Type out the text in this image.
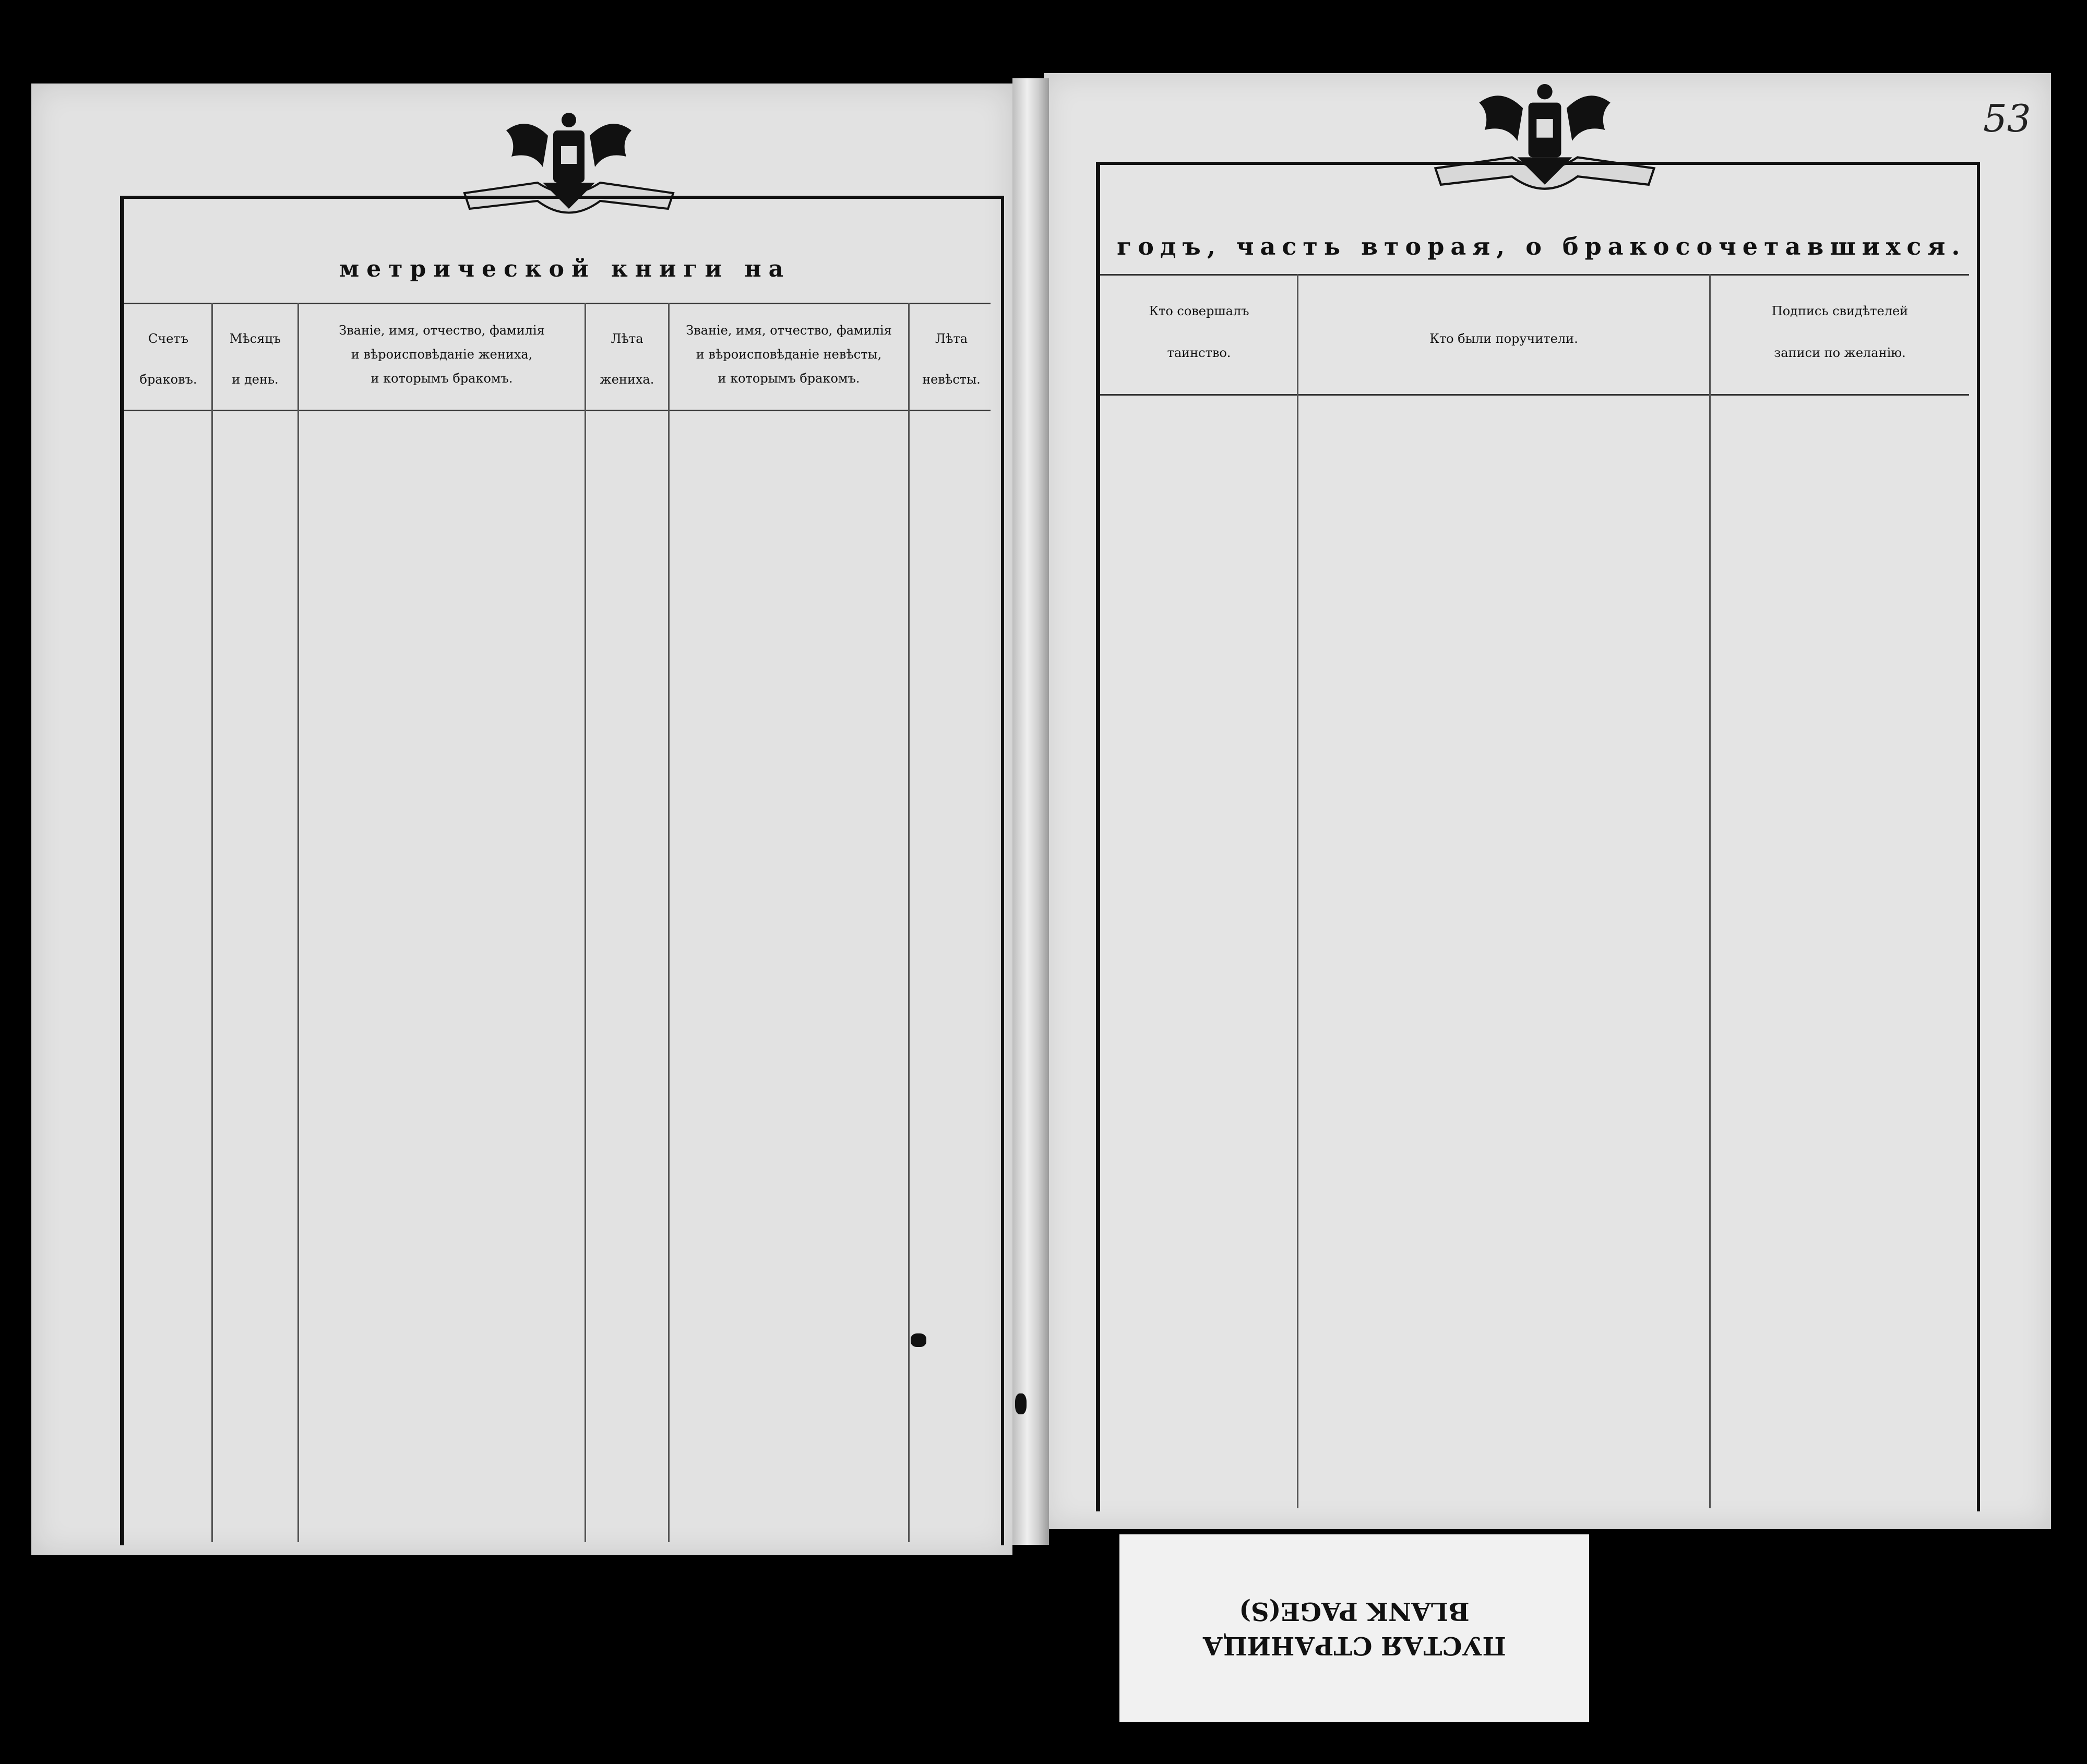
метрической книги на
Счетъ
браковъ.
Мѣсяцъ
и день.
Званіе, имя, отчество, фамилія
и вѣроисповѣданіе жениха,
и которымъ бракомъ.
Лѣта
жениха.
Званіе, имя, отчество, фамилія
и вѣроисповѣданіе невѣсты,
и которымъ бракомъ.
Лѣта
невѣсты.
годъ, часть вторая, о бракосочетавшихся.
Кто совершалъ
таинство.
Кто были поручители.
Подпись свидѣтелей
записи по желанію.
53
ПУСТАЯ СТРАНИЦА
BLANK PAGE(S)
